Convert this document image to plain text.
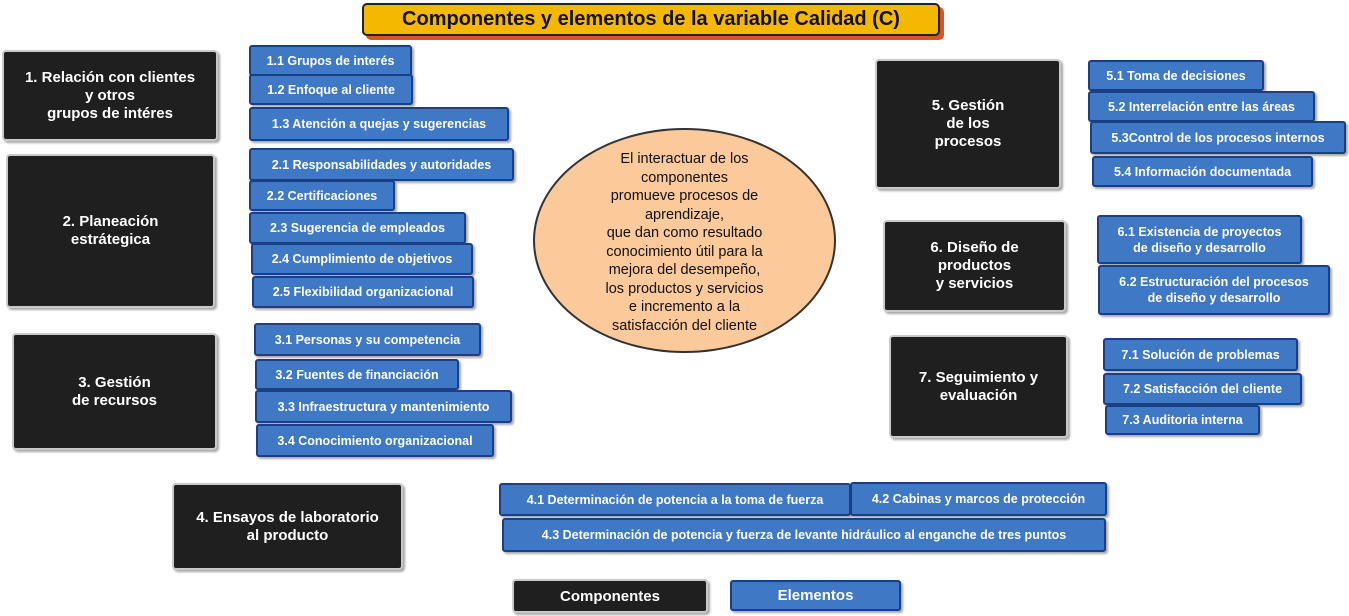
Componentes y elementos de la variable Calidad (C)
El interactuar de los
componentes
promueve procesos de
aprendizaje,
que dan como resultado
conocimiento útil para la
mejora del desempeño,
los productos y servicios
e incremento a la
satisfacción del cliente
1. Relación con clientes
y otros
grupos de intéres
2. Planeación
estrátegica
3. Gestión
de recursos
4. Ensayos de laboratorio
al producto
5. Gestión
de los
procesos
6. Diseño de
productos
y servicios
7. Seguimiento y
evaluación
1.1 Grupos de interés
1.2 Enfoque al cliente
1.3 Atención a quejas y sugerencias
2.1 Responsabilidades y autoridades
2.2 Certificaciones
2.3 Sugerencia de empleados
2.4 Cumplimiento de objetivos
2.5 Flexibilidad organizacional
3.1 Personas y su competencia
3.2 Fuentes de financiación
3.3 Infraestructura y mantenimiento
3.4 Conocimiento organizacional
4.1 Determinación de potencia a la toma de fuerza	4.2 Cabinas y marcos de protección
4.3 Determinación de potencia y fuerza de levante hidráulico al enganche de tres puntos
5.1 Toma de decisiones
5.2 Interrelación entre las áreas
5.3Control de los procesos internos
5.4 Información documentada
6.1 Existencia de proyectos
de diseño y desarrollo
6.2 Estructuración del procesos
de diseño y desarrollo
7.1 Solución de problemas
7.2 Satisfacción del cliente
7.3 Auditoria interna
Componentes	Elementos
